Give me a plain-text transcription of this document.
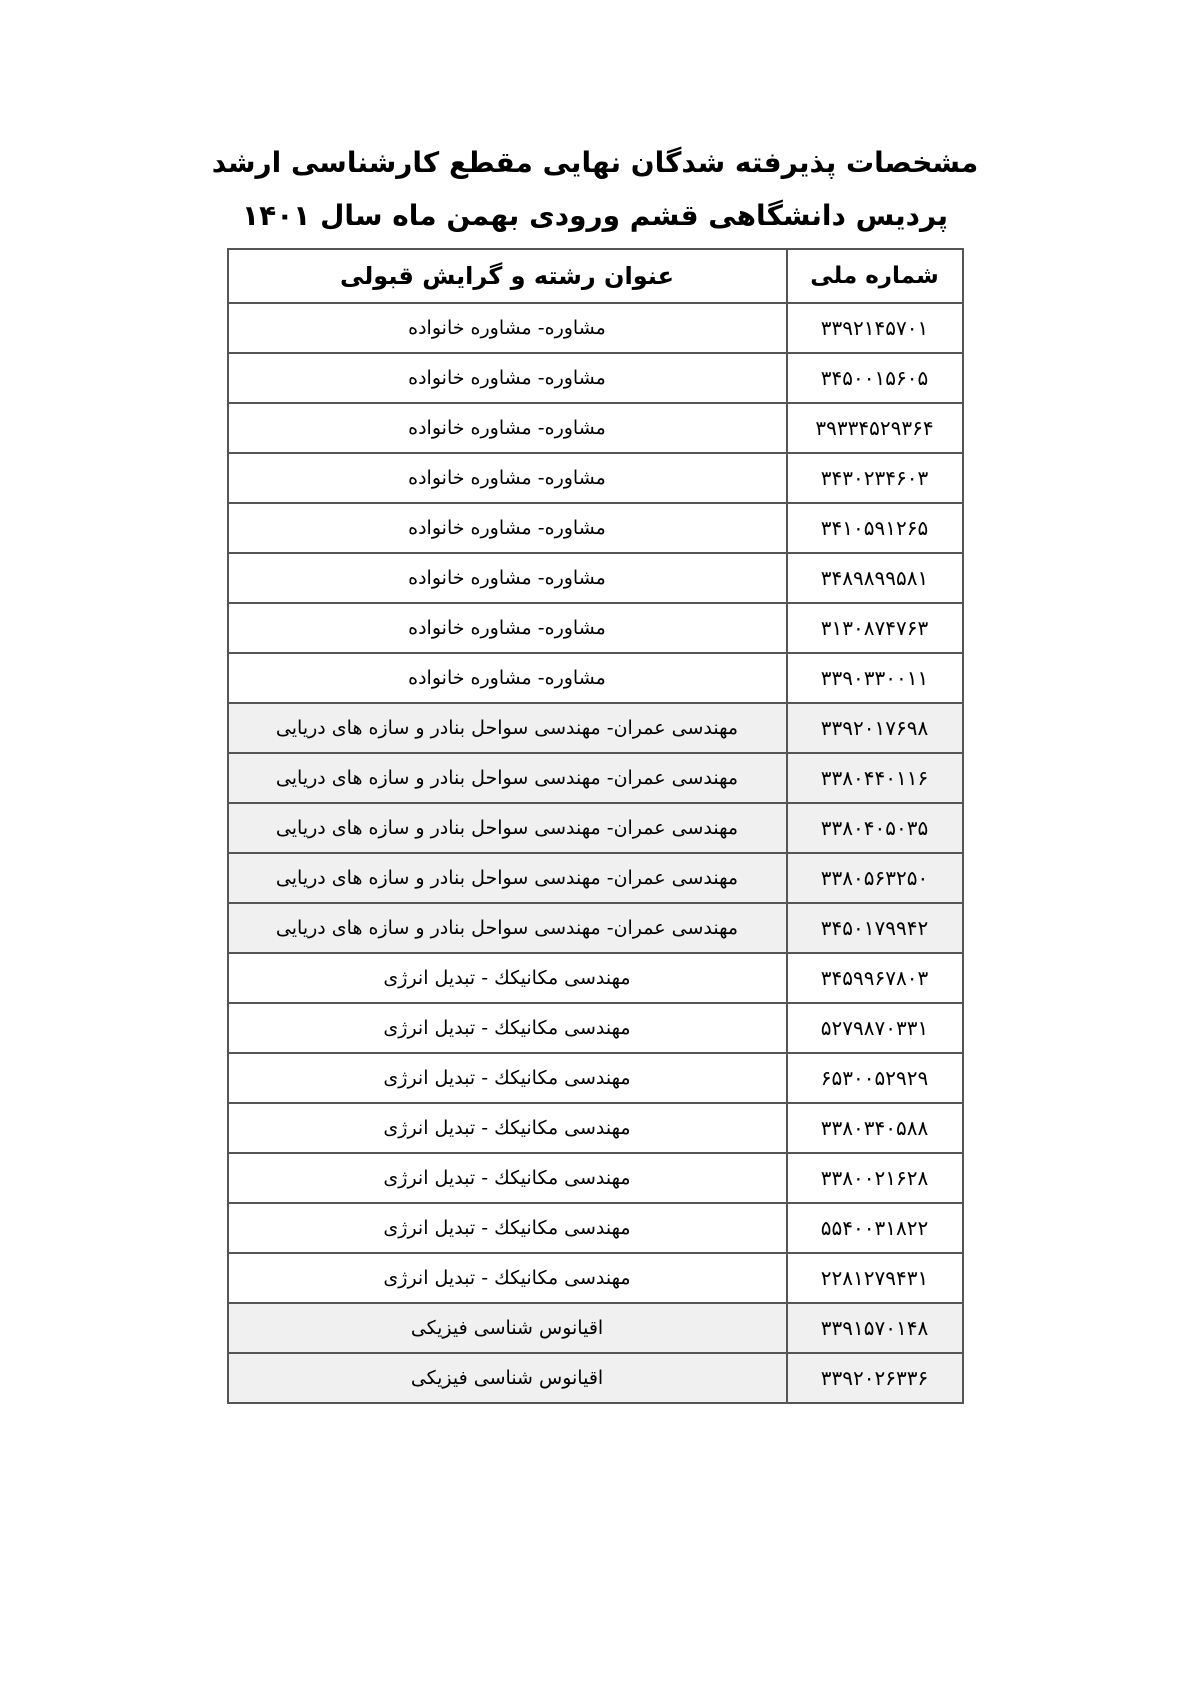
مشخصات پذیرفته شدگان نهایی مقطع کارشناسی ارشد
پردیس دانشگاهی قشم ورودی بهمن ماه سال ۱۴۰۱
شماره ملی	عنوان رشته و گرایش قبولی
۳۳۹۲۱۴۵۷۰۱	مشاوره- مشاوره خانواده
۳۴۵۰۰۱۵۶۰۵	مشاوره- مشاوره خانواده
۳۹۳۳۴۵۲۹۳۶۴	مشاوره- مشاوره خانواده
۳۴۳۰۲۳۴۶۰۳	مشاوره- مشاوره خانواده
۳۴۱۰۵۹۱۲۶۵	مشاوره- مشاوره خانواده
۳۴۸۹۸۹۹۵۸۱	مشاوره- مشاوره خانواده
۳۱۳۰۸۷۴۷۶۳	مشاوره- مشاوره خانواده
۳۳۹۰۳۳۰۰۱۱	مشاوره- مشاوره خانواده
۳۳۹۲۰۱۷۶۹۸	مهندسی عمران- مهندسی سواحل بنادر و سازه های دریایی
۳۳۸۰۴۴۰۱۱۶	مهندسی عمران- مهندسی سواحل بنادر و سازه های دریایی
۳۳۸۰۴۰۵۰۳۵	مهندسی عمران- مهندسی سواحل بنادر و سازه های دریایی
۳۳۸۰۵۶۳۲۵۰	مهندسی عمران- مهندسی سواحل بنادر و سازه های دریایی
۳۴۵۰۱۷۹۹۴۲	مهندسی عمران- مهندسی سواحل بنادر و سازه های دریایی
۳۴۵۹۹۶۷۸۰۳	مهندسی مکانیکك - تبدیل انرژی
۵۲۷۹۸۷۰۳۳۱	مهندسی مکانیکك - تبدیل انرژی
۶۵۳۰۰۵۲۹۲۹	مهندسی مکانیکك - تبدیل انرژی
۳۳۸۰۳۴۰۵۸۸	مهندسی مکانیکك - تبدیل انرژی
۳۳۸۰۰۲۱۶۲۸	مهندسی مکانیکك - تبدیل انرژی
۵۵۴۰۰۳۱۸۲۲	مهندسی مکانیکك - تبدیل انرژی
۲۲۸۱۲۷۹۴۳۱	مهندسی مکانیکك - تبدیل انرژی
۳۳۹۱۵۷۰۱۴۸	اقیانوس شناسی فیزیکی
۳۳۹۲۰۲۶۳۳۶	اقیانوس شناسی فیزیکی
